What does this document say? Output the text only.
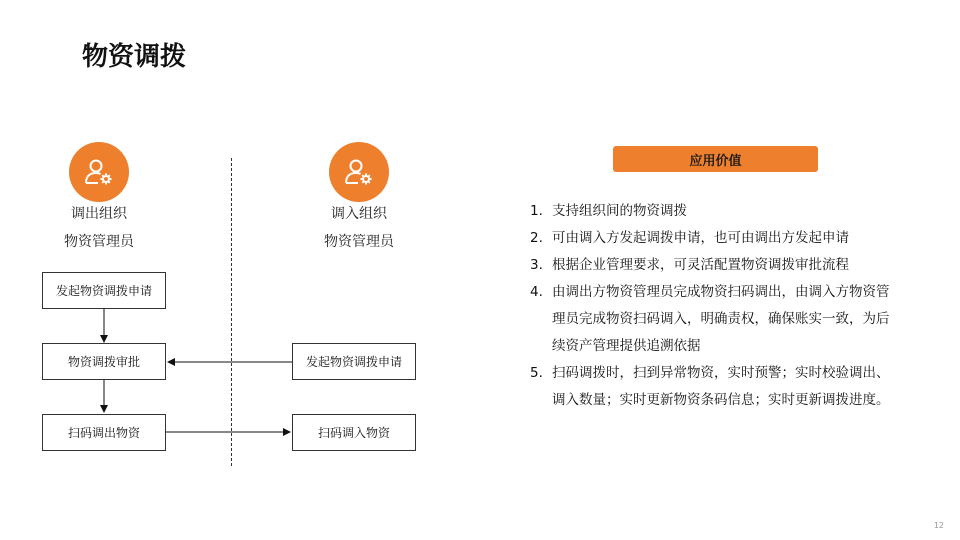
物资调拨
调出组织
物资管理员
调入组织
物资管理员
发起物资调拨申请
物资调拨审批
扫码调出物资
发起物资调拨申请
扫码调入物资
应用价值
1. 支持组织间的物资调拨
2. 可由调入方发起调拨申请，也可由调出方发起申请
3. 根据企业管理要求，可灵活配置物资调拨审批流程
4. 由调出方物资管理员完成物资扫码调出，由调入方物资管理员完成物资扫码调入，明确责权，确保账实一致，为后续资产管理提供追溯依据
5. 扫码调拨时，扫到异常物资，实时预警；实时校验调出、调入数量；实时更新物资条码信息；实时更新调拨进度。
12
